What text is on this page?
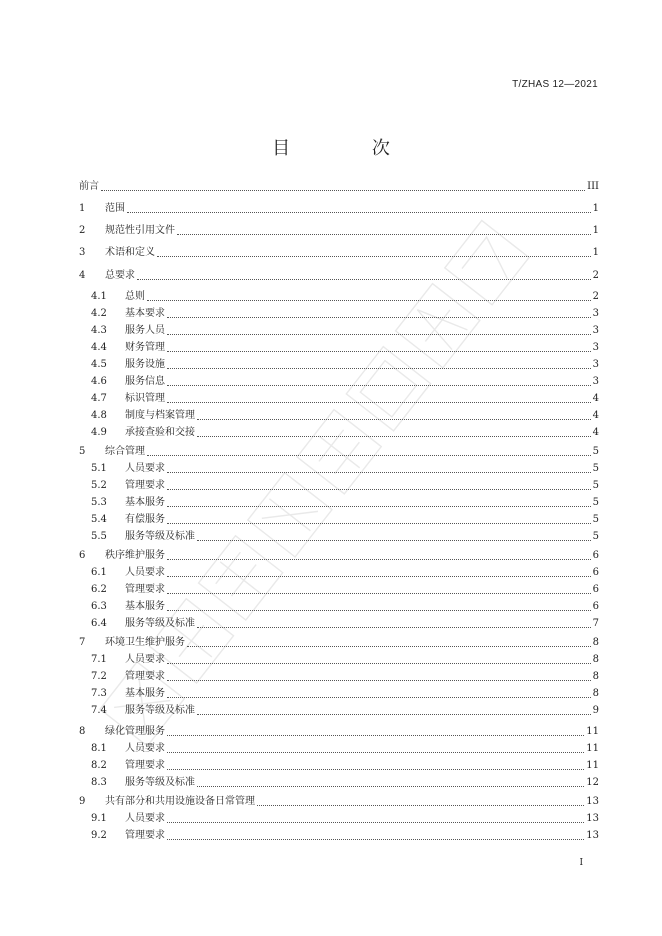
T/ZHAS 12—2021
目 次
前言	III
1	范围	1
2	规范性引用文件	1
3	术语和定义	1
4	总要求	2
4.1	总则	2
4.2	基本要求	3
4.3	服务人员	3
4.4	财务管理	3
4.5	服务设施	3
4.6	服务信息	3
4.7	标识管理	4
4.8	制度与档案管理	4
4.9	承接查验和交接	4
5	综合管理	5
5.1	人员要求	5
5.2	管理要求	5
5.3	基本服务	5
5.4	有偿服务	5
5.5	服务等级及标准	5
6	秩序维护服务	6
6.1	人员要求	6
6.2	管理要求	6
6.3	基本服务	6
6.4	服务等级及标准	7
7	环境卫生维护服务	8
7.1	人员要求	8
7.2	管理要求	8
7.3	基本服务	8
7.4	服务等级及标准	9
8	绿化管理服务	11
8.1	人员要求	11
8.2	管理要求	11
8.3	服务等级及标准	12
9	共有部分和共用设施设备日常管理	13
9.1	人员要求	13
9.2	管理要求	13
I
